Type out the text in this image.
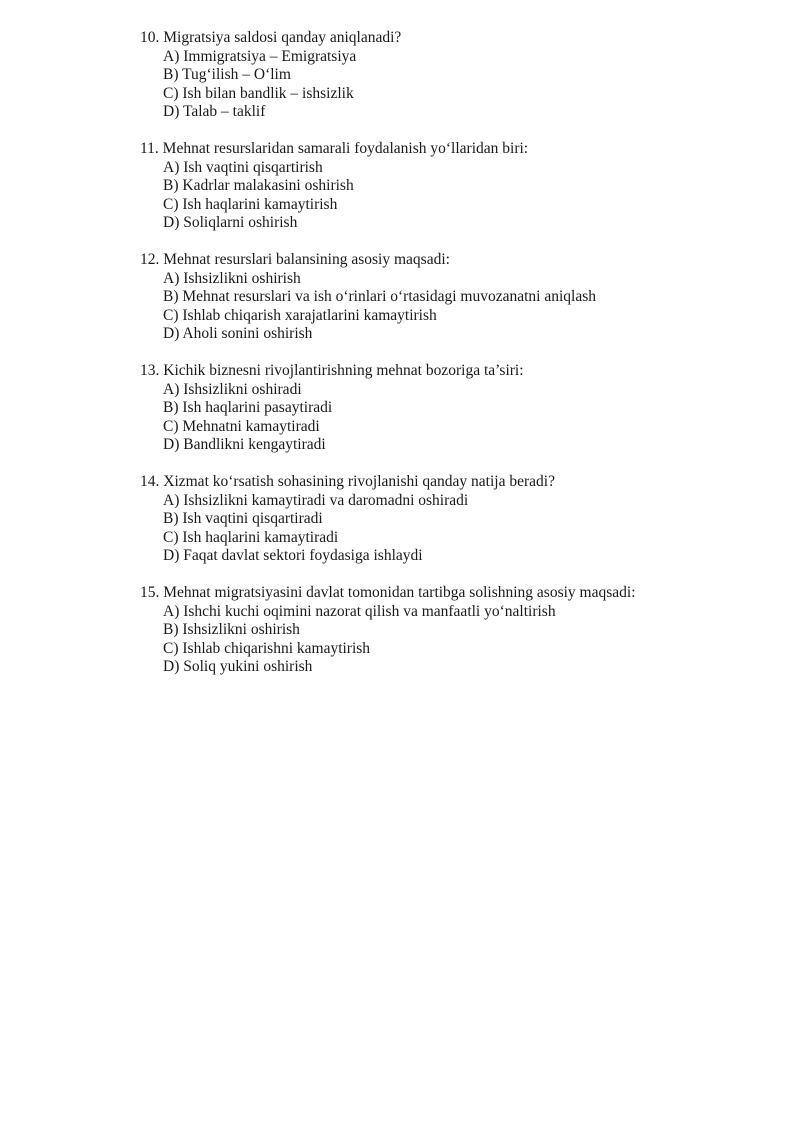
10. Migratsiya saldosi qanday aniqlanadi?
A) Immigratsiya – Emigratsiya
B) Tug‘ilish – O‘lim
C) Ish bilan bandlik – ishsizlik
D) Talab – taklif
11. Mehnat resurslaridan samarali foydalanish yo‘llaridan biri:
A) Ish vaqtini qisqartirish
B) Kadrlar malakasini oshirish
C) Ish haqlarini kamaytirish
D) Soliqlarni oshirish
12. Mehnat resurslari balansining asosiy maqsadi:
A) Ishsizlikni oshirish
B) Mehnat resurslari va ish o‘rinlari o‘rtasidagi muvozanatni aniqlash
C) Ishlab chiqarish xarajatlarini kamaytirish
D) Aholi sonini oshirish
13. Kichik biznesni rivojlantirishning mehnat bozoriga ta’siri:
A) Ishsizlikni oshiradi
B) Ish haqlarini pasaytiradi
C) Mehnatni kamaytiradi
D) Bandlikni kengaytiradi
14. Xizmat ko‘rsatish sohasining rivojlanishi qanday natija beradi?
A) Ishsizlikni kamaytiradi va daromadni oshiradi
B) Ish vaqtini qisqartiradi
C) Ish haqlarini kamaytiradi
D) Faqat davlat sektori foydasiga ishlaydi
15. Mehnat migratsiyasini davlat tomonidan tartibga solishning asosiy maqsadi:
A) Ishchi kuchi oqimini nazorat qilish va manfaatli yo‘naltirish
B) Ishsizlikni oshirish
C) Ishlab chiqarishni kamaytirish
D) Soliq yukini oshirish
